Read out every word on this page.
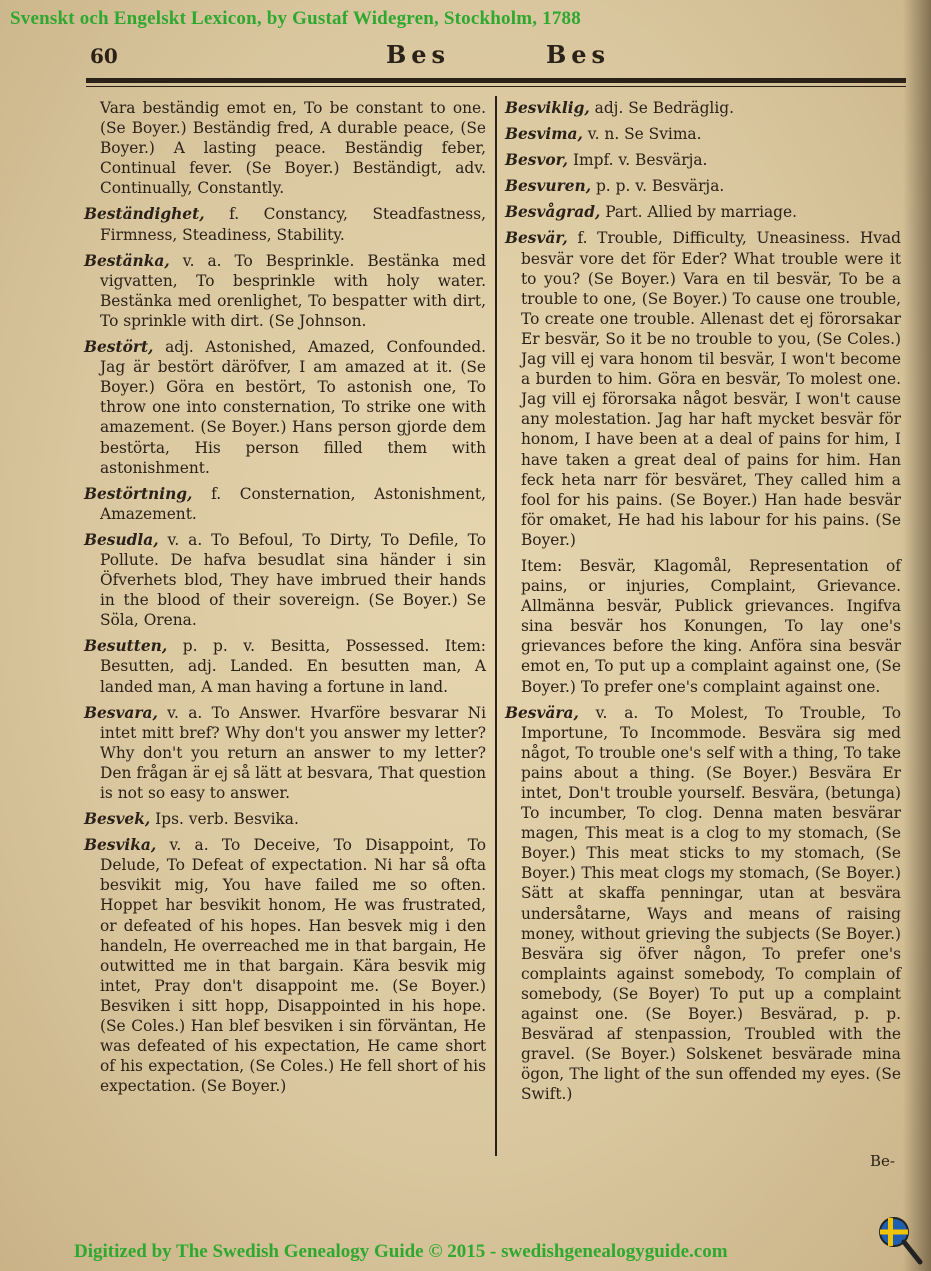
Svenskt och Engelskt Lexicon, by Gustaf Widegren, Stockholm, 1788
60	Bes	Bes
Vara beständig emot en, To be constant to one. (Se Boyer.) Beständig fred, A durable peace, (Se Boyer.) A lasting peace. Beständig feber, Continual fever. (Se Boyer.) Beständigt, adv. Continually, Constantly.
Beständighet, f. Constancy, Steadfastness, Firmness, Steadiness, Stability.
Bestänka, v. a. To Besprinkle. Bestänka med vigvatten, To besprinkle with holy water. Bestänka med orenlighet, To bespatter with dirt, To sprinkle with dirt. (Se Johnson.
Bestört, adj. Astonished, Amazed, Confounded. Jag är bestört däröfver, I am amazed at it. (Se Boyer.) Göra en bestört, To astonish one, To throw one into consternation, To strike one with amazement. (Se Boyer.) Hans person gjorde dem bestörta, His person filled them with astonishment.
Bestörtning, f. Consternation, Astonishment, Amazement.
Besudla, v. a. To Befoul, To Dirty, To Defile, To Pollute. De hafva besudlat sina händer i sin Öfverhets blod, They have imbrued their hands in the blood of their sovereign. (Se Boyer.) Se Söla, Orena.
Besutten, p. p. v. Besitta, Possessed. Item: Besutten, adj. Landed. En besutten man, A landed man, A man having a fortune in land.
Besvara, v. a. To Answer. Hvarföre besvarar Ni intet mitt bref? Why don't you answer my letter? Why don't you return an answer to my letter? Den frågan är ej så lätt at besvara, That question is not so easy to answer.
Besvek, Ips. verb. Besvika.
Besvika, v. a. To Deceive, To Disappoint, To Delude, To Defeat of expectation. Ni har så ofta besvikit mig, You have failed me so often. Hoppet har besvikit honom, He was frustrated, or defeated of his hopes. Han besvek mig i den handeln, He overreached me in that bargain, He outwitted me in that bargain. Kära besvik mig intet, Pray don't disappoint me. (Se Boyer.) Besviken i sitt hopp, Disappointed in his hope. (Se Coles.) Han blef besviken i sin förväntan, He was defeated of his expectation, He came short of his expectation, (Se Coles.) He fell short of his expectation. (Se Boyer.)
Besviklig, adj. Se Bedräglig.
Besvima, v. n. Se Svima.
Besvor, Impf. v. Besvärja.
Besvuren, p. p. v. Besvärja.
Besvågrad, Part. Allied by marriage.
Besvär, f. Trouble, Difficulty, Uneasiness. Hvad besvär vore det för Eder? What trouble were it to you? (Se Boyer.) Vara en til besvär, To be a trouble to one, (Se Boyer.) To cause one trouble, To create one trouble. Allenast det ej förorsakar Er besvär, So it be no trouble to you, (Se Coles.) Jag vill ej vara honom til besvär, I won't become a burden to him. Göra en besvär, To molest one. Jag vill ej förorsaka något besvär, I won't cause any molestation. Jag har haft mycket besvär för honom, I have been at a deal of pains for him, I have taken a great deal of pains for him. Han feck heta narr för besväret, They called him a fool for his pains. (Se Boyer.) Han hade besvär för omaket, He had his labour for his pains. (Se Boyer.)
Item: Besvär, Klagomål, Representation of pains, or injuries, Complaint, Grievance. Allmänna besvär, Publick grievances. Ingifva sina besvär hos Konungen, To lay one's grievances before the king. Anföra sina besvär emot en, To put up a complaint against one, (Se Boyer.) To prefer one's complaint against one.
Besvära, v. a. To Molest, To Trouble, To Importune, To Incommode. Besvära sig med något, To trouble one's self with a thing, To take pains about a thing. (Se Boyer.) Besvära Er intet, Don't trouble yourself. Besvära, (betunga) To incumber, To clog. Denna maten besvärar magen, This meat is a clog to my stomach, (Se Boyer.) This meat sticks to my stomach, (Se Boyer.) This meat clogs my stomach, (Se Boyer.) Sätt at skaffa penningar, utan at besvära undersåtarne, Ways and means of raising money, without grieving the subjects (Se Boyer.) Besvära sig öfver någon, To prefer one's complaints against somebody, To complain of somebody, (Se Boyer) To put up a complaint against one. (Se Boyer.) Besvärad, p. p. Besvärad af stenpassion, Troubled with the gravel. (Se Boyer.) Solskenet besvärade mina ögon, The light of the sun offended my eyes. (Se Swift.)
Be-
Digitized by The Swedish Genealogy Guide © 2015 - swedishgenealogyguide.com
